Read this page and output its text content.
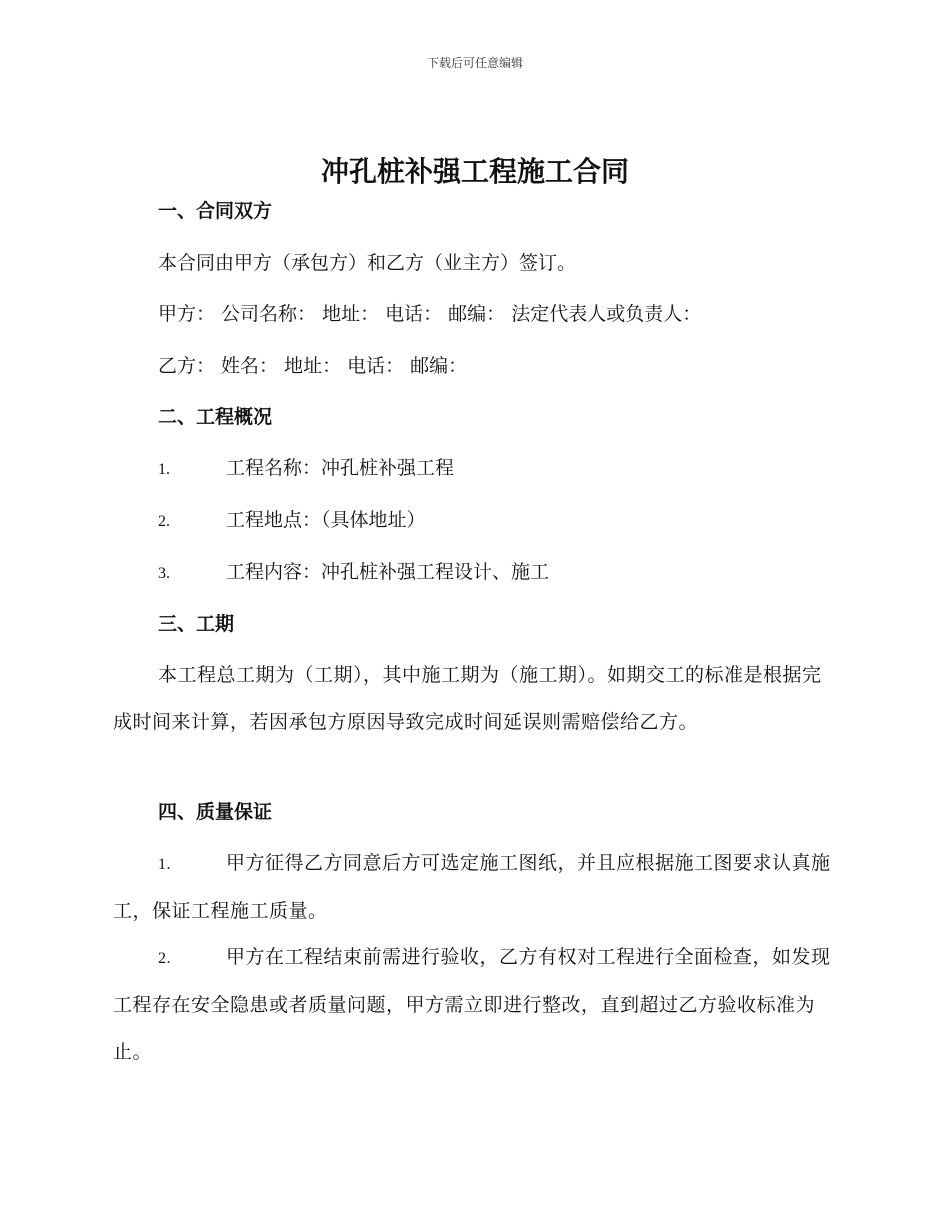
下载后可任意编辑
冲孔桩补强工程施工合同
一、合同双方
本合同由甲方（承包方）和乙方（业主方）签订。
甲方： 公司名称： 地址： 电话： 邮编： 法定代表人或负责人：
乙方： 姓名： 地址： 电话： 邮编：
二、工程概况
1.	工程名称：冲孔桩补强工程
2.	工程地点：（具体地址）
3.	工程内容：冲孔桩补强工程设计、施工
三、工期
本工程总工期为（工期），其中施工期为（施工期）。如期交工的标准是根据完成时间来计算，若因承包方原因导致完成时间延误则需赔偿给乙方。
四、质量保证
1.	甲方征得乙方同意后方可选定施工图纸，并且应根据施工图要求认真施工，保证工程施工质量。
2.	甲方在工程结束前需进行验收，乙方有权对工程进行全面检查，如发现工程存在安全隐患或者质量问题，甲方需立即进行整改，直到超过乙方验收标准为止。
